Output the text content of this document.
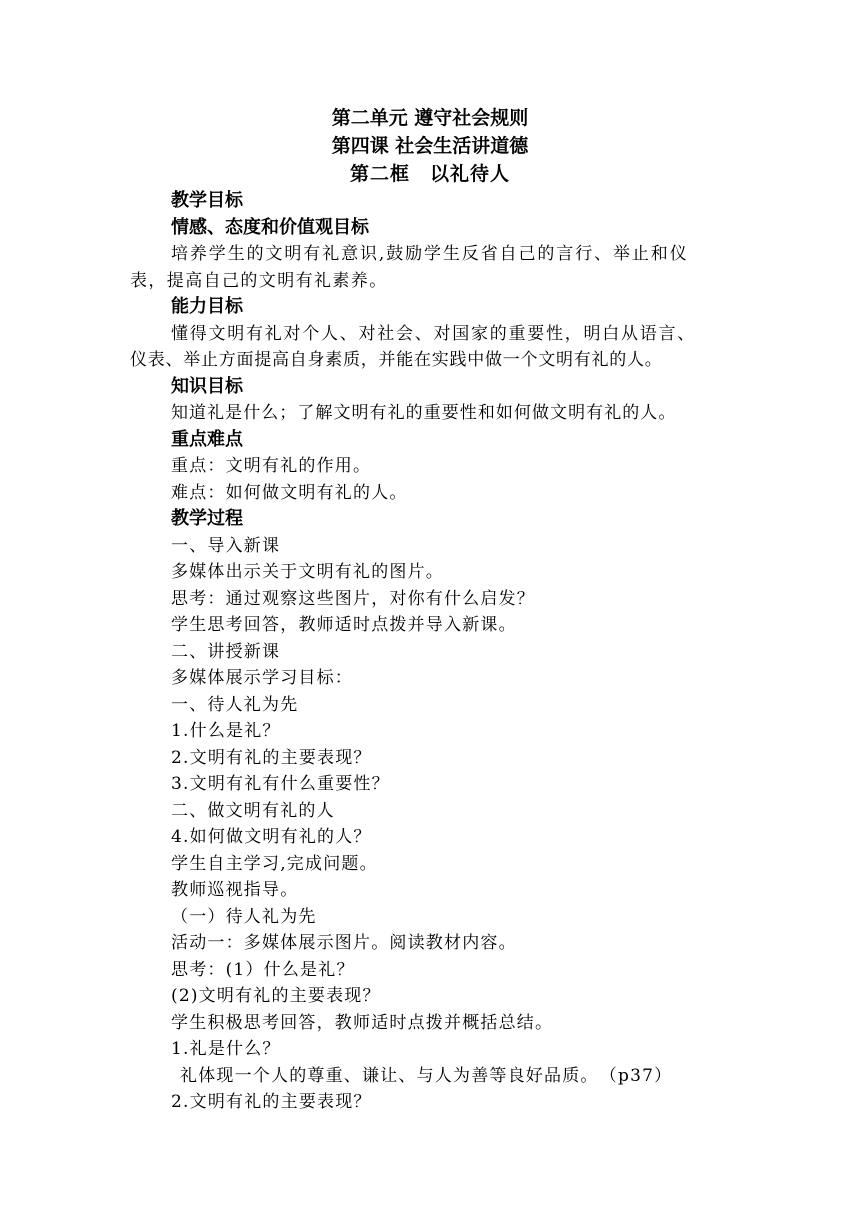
第二单元 遵守社会规则
第四课 社会生活讲道德
第二框　以礼待人
教学目标
情感、态度和价值观目标
培养学生的文明有礼意识,鼓励学生反省自己的言行、举止和仪
表，提高自己的文明有礼素养。
能力目标
懂得文明有礼对个人、对社会、对国家的重要性，明白从语言、
仪表、举止方面提高自身素质，并能在实践中做一个文明有礼的人。
知识目标
知道礼是什么；了解文明有礼的重要性和如何做文明有礼的人。
重点难点
重点：文明有礼的作用。
难点：如何做文明有礼的人。
教学过程
一、导入新课
多媒体出示关于文明有礼的图片。
思考：通过观察这些图片，对你有什么启发？
学生思考回答，教师适时点拨并导入新课。
二、讲授新课
多媒体展示学习目标：
一、待人礼为先
1.什么是礼？
2.文明有礼的主要表现？
3.文明有礼有什么重要性？
二、做文明有礼的人
4.如何做文明有礼的人？
学生自主学习,完成问题。
教师巡视指导。
（一）待人礼为先
活动一：多媒体展示图片。阅读教材内容。
思考：(1）什么是礼？
(2)文明有礼的主要表现？
学生积极思考回答，教师适时点拨并概括总结。
1.礼是什么？
礼体现一个人的尊重、谦让、与人为善等良好品质。　（p37）
2.文明有礼的主要表现？
